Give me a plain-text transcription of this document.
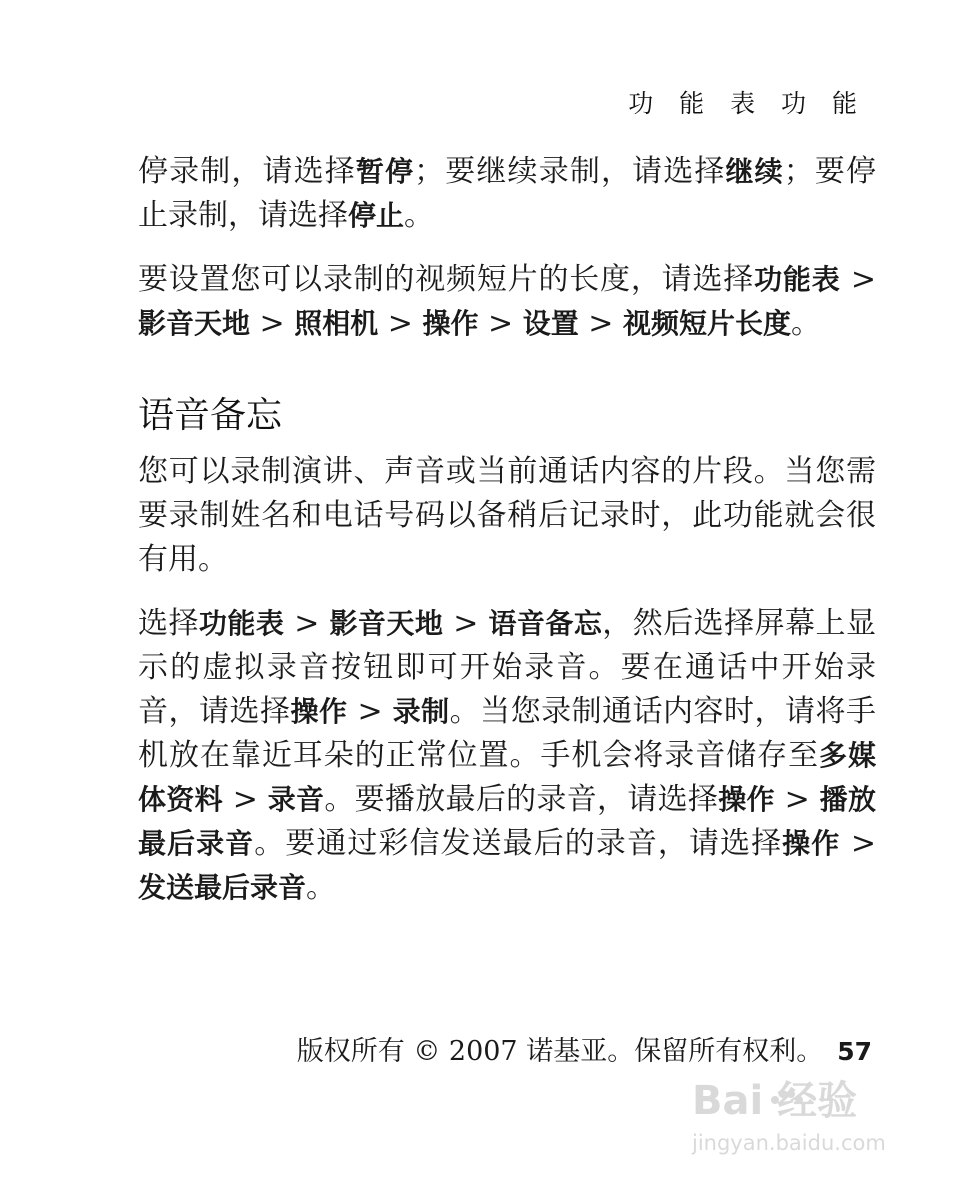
功 能 表 功 能

停录制，请选择暂停；要继续录制，请选择继续；要停止录制，请选择停止。

要设置您可以录制的视频短片的长度，请选择功能表 > 影音天地 > 照相机 > 操作 > 设置 > 视频短片长度。

语音备忘

您可以录制演讲、声音或当前通话内容的片段。当您需要录制姓名和电话号码以备稍后记录时，此功能就会很有用。

选择功能表 > 影音天地 > 语音备忘，然后选择屏幕上显示的虚拟录音按钮即可开始录音。要在通话中开始录音，请选择操作 > 录制。当您录制通话内容时，请将手机放在靠近耳朵的正常位置。手机会将录音储存至多媒体资料 > 录音。要播放最后的录音，请选择操作 > 播放最后录音。要通过彩信发送最后的录音，请选择操作 > 发送最后录音。

版权所有 © 2007 诺基亚。保留所有权利。 57
Bai 经验
jingyan.baidu.com
